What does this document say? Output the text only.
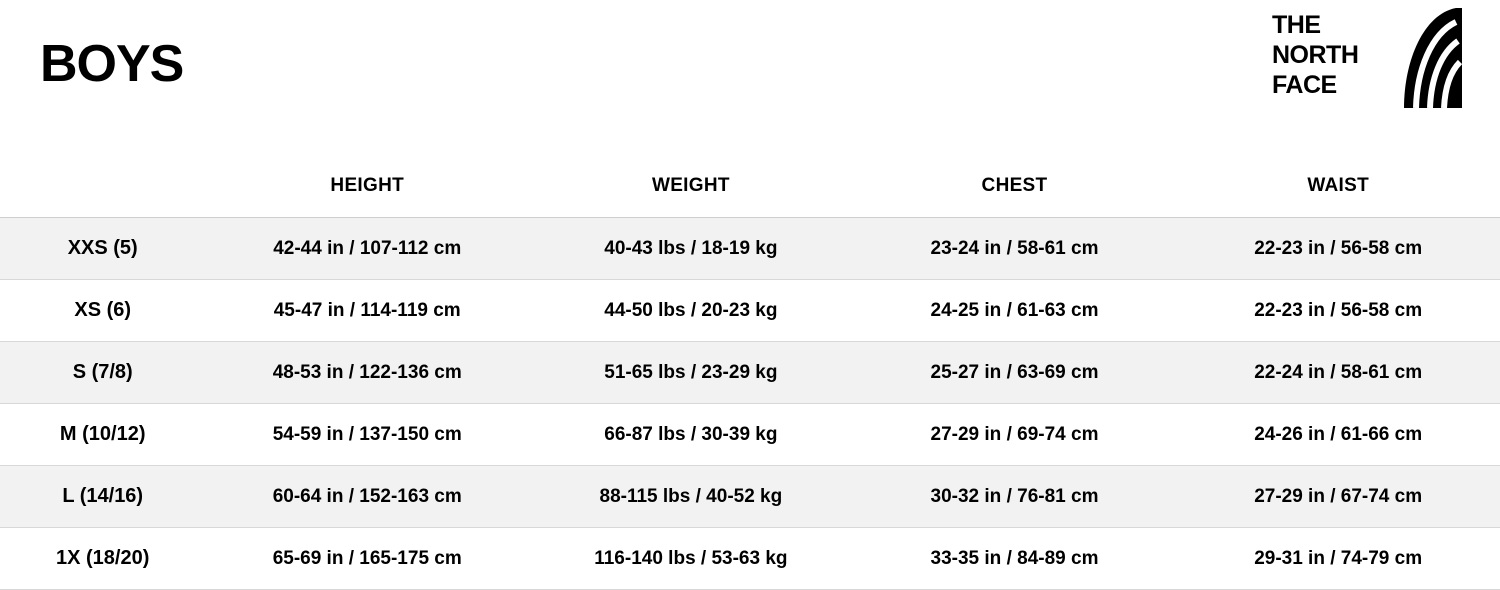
BOYS
THE
NORTH
FACE
	HEIGHT	WEIGHT	CHEST	WAIST
XXS (5)	42-44 in / 107-112 cm	40-43 lbs / 18-19 kg	23-24 in / 58-61 cm	22-23 in / 56-58 cm
XS (6)	45-47 in / 114-119 cm	44-50 lbs / 20-23 kg	24-25 in / 61-63 cm	22-23 in / 56-58 cm
S (7/8)	48-53 in / 122-136 cm	51-65 lbs / 23-29 kg	25-27 in / 63-69 cm	22-24 in / 58-61 cm
M (10/12)	54-59 in / 137-150 cm	66-87 lbs / 30-39 kg	27-29 in / 69-74 cm	24-26 in / 61-66 cm
L (14/16)	60-64 in / 152-163 cm	88-115 lbs / 40-52 kg	30-32 in / 76-81 cm	27-29 in / 67-74 cm
1X (18/20)	65-69 in / 165-175 cm	116-140 lbs / 53-63 kg	33-35 in / 84-89 cm	29-31 in / 74-79 cm
